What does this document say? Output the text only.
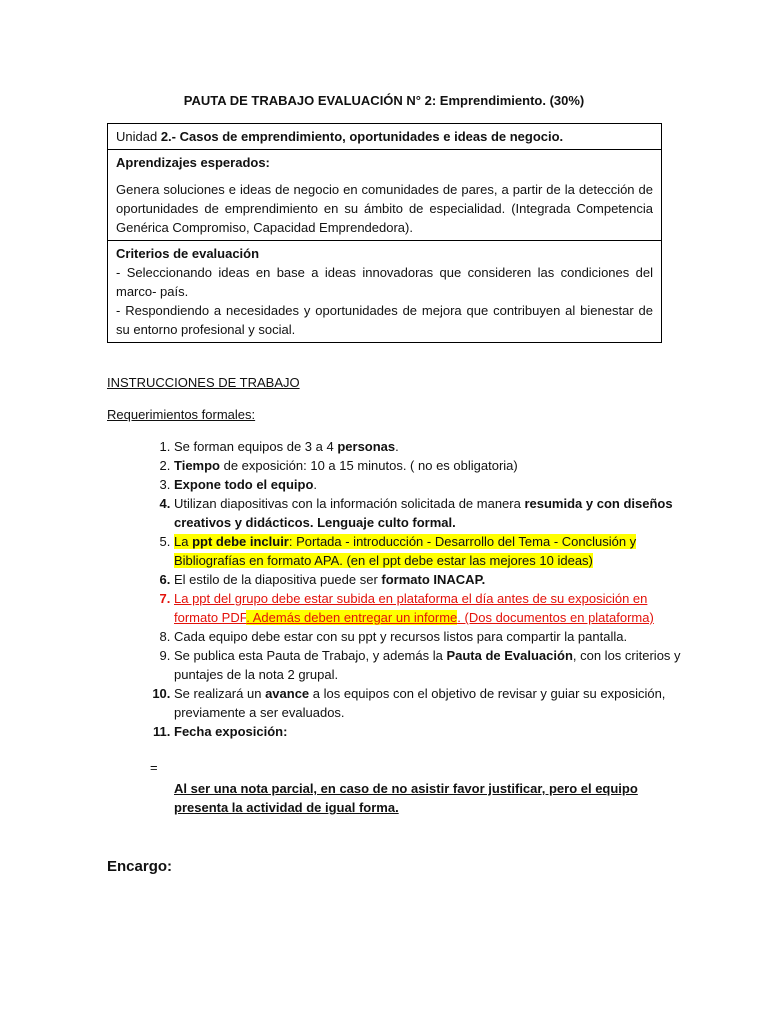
PAUTA DE TRABAJO EVALUACIÓN N° 2: Emprendimiento. (30%)
Unidad 2.- Casos de emprendimiento, oportunidades e ideas de negocio.

Aprendizajes esperados:
Genera soluciones e ideas de negocio en comunidades de pares, a partir de la detección de oportunidades de emprendimiento en su ámbito de especialidad. (Integrada Competencia Genérica Compromiso, Capacidad Emprendedora).

Criterios de evaluación
- Seleccionando ideas en base a ideas innovadoras que consideren las condiciones del marco- país.
- Respondiendo a necesidades y oportunidades de mejora que contribuyen al bienestar de su entorno profesional y social.
INSTRUCCIONES DE TRABAJO
Requerimientos formales:
1. Se forman equipos de 3 a 4 personas.
2. Tiempo de exposición: 10 a 15 minutos. ( no es obligatoria)
3. Expone todo el equipo.
4. Utilizan diapositivas con la información solicitada de manera resumida y con diseños creativos y didácticos. Lenguaje culto formal.
5. La ppt debe incluir: Portada - introducción - Desarrollo del Tema - Conclusión y Bibliografías en formato APA. (en el ppt debe estar las mejores 10 ideas)
6. El estilo de la diapositiva puede ser formato INACAP.
7. La ppt del grupo debe estar subida en plataforma el día antes de su exposición en formato PDF. Además deben entregar un informe. (Dos documentos en plataforma)
8. Cada equipo debe estar con su ppt y recursos listos para compartir la pantalla.
9. Se publica esta Pauta de Trabajo, y además la Pauta de Evaluación, con los criterios y puntajes de la nota 2 grupal.
10. Se realizará un avance a los equipos con el objetivo de revisar y guiar su exposición, previamente a ser evaluados.
11. Fecha exposición:
=
Al ser una nota parcial, en caso de no asistir favor justificar, pero el equipo presenta la actividad de igual forma.
Encargo:
